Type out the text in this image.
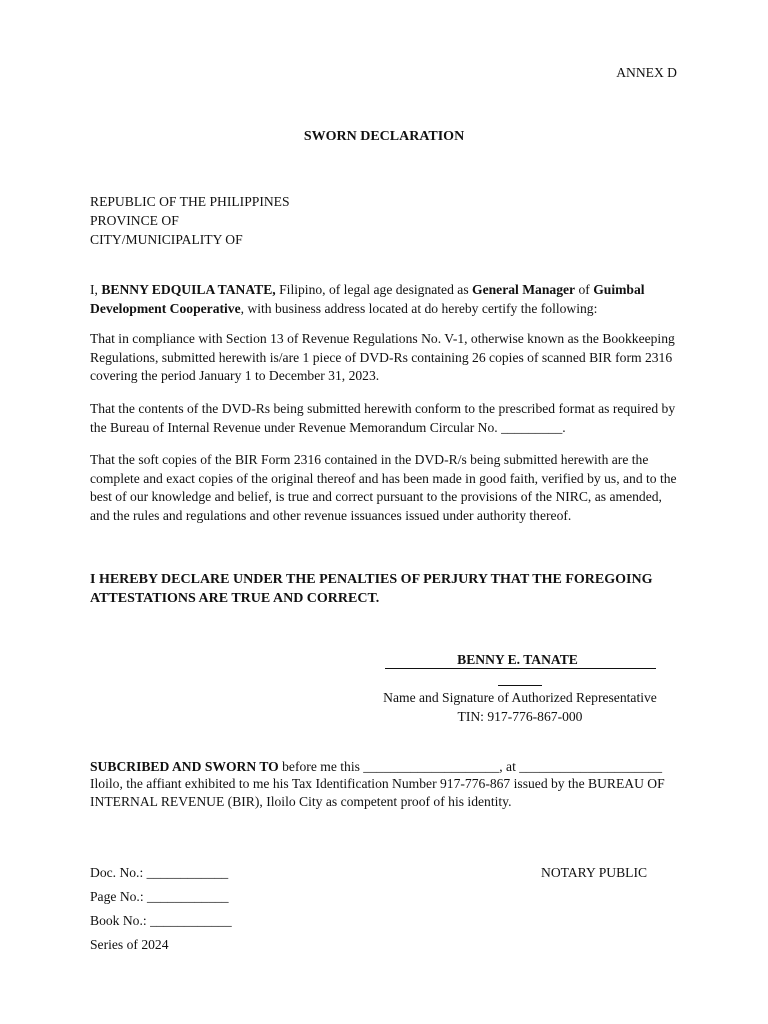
ANNEX D
SWORN DECLARATION
REPUBLIC OF THE PHILIPPINES
PROVINCE OF
CITY/MUNICIPALITY OF
I, BENNY EDQUILA TANATE, Filipino, of legal age designated as General Manager of Guimbal Development Cooperative, with business address located at do hereby certify the following:
That in compliance with Section 13 of Revenue Regulations No. V-1, otherwise known as the Bookkeeping Regulations, submitted herewith is/are 1 piece of DVD-Rs containing 26 copies of scanned BIR form 2316 covering the period January 1 to December 31, 2023.
That the contents of the DVD-Rs being submitted herewith conform to the prescribed format as required by the Bureau of Internal Revenue under Revenue Memorandum Circular No. _________.
That the soft copies of the BIR Form 2316 contained in the DVD-R/s being submitted herewith are the complete and exact copies of the original thereof and has been made in good faith, verified by us, and to the best of our knowledge and belief, is true and correct pursuant to the provisions of the NIRC, as amended, and the rules and regulations and other revenue issuances issued under authority thereof.
I HEREBY DECLARE UNDER THE PENALTIES OF PERJURY THAT THE FOREGOING ATTESTATIONS ARE TRUE AND CORRECT.
BENNY E. TANATE
Name and Signature of Authorized Representative
TIN: 917-776-867-000
SUBCRIBED AND SWORN TO before me this ____________________, at _____________________ Iloilo, the affiant exhibited to me his Tax Identification Number 917-776-867 issued by the BUREAU OF INTERNAL REVENUE (BIR), Iloilo City as competent proof of his identity.
Doc. No.: ____________
Page No.: ____________
Book No.: ____________
Series of 2024
NOTARY PUBLIC
